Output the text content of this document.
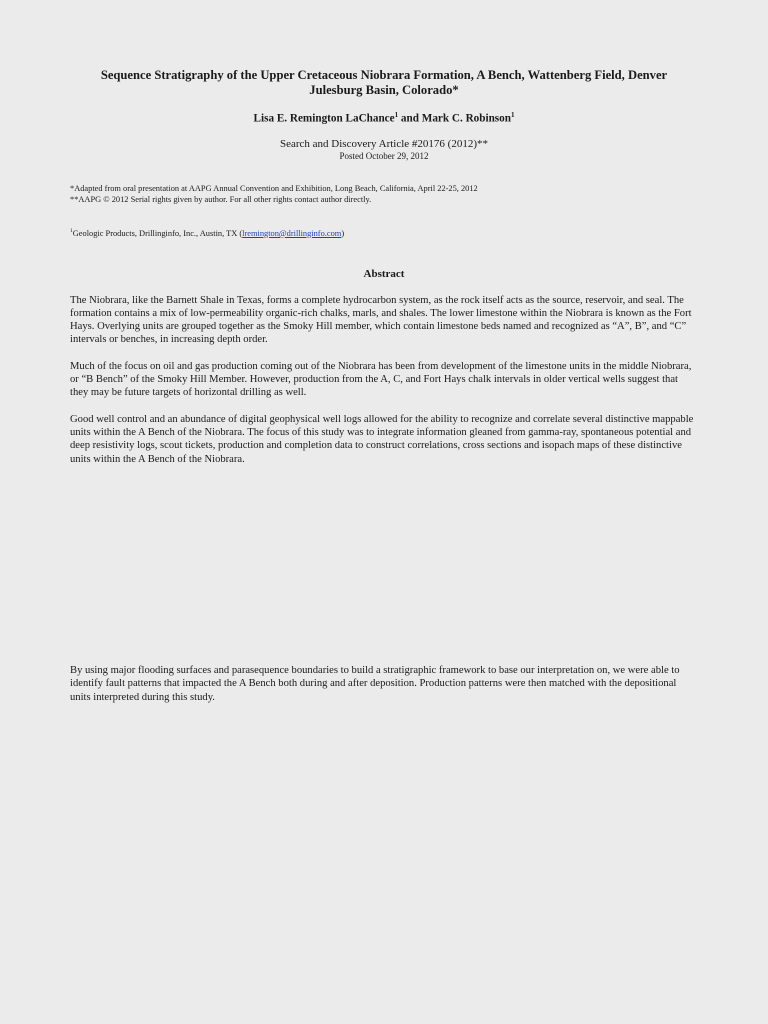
Sequence Stratigraphy of the Upper Cretaceous Niobrara Formation, A Bench, Wattenberg Field, Denver Julesburg Basin, Colorado*
Lisa E. Remington LaChance$^1$ and Mark C. Robinson$^1$
Search and Discovery Article #20176 (2012)**
Posted October 29, 2012
*Adapted from oral presentation at AAPG Annual Convention and Exhibition, Long Beach, California, April 22-25, 2012
**AAPG © 2012 Serial rights given by author. For all other rights contact author directly.
$^1$Geologic Products, Drillinginfo, Inc., Austin, TX (lremington@drillinginfo.com)
Abstract

The Niobrara, like the Barnett Shale in Texas, forms a complete hydrocarbon system, as the rock itself acts as the source, reservoir, and seal. The formation contains a mix of low-permeability organic-rich chalks, marls, and shales. The lower limestone within the Niobrara is known as the Fort Hays. Overlying units are grouped together as the Smoky Hill member, which contain limestone beds named and recognized as “A”, B”, and “C” intervals or benches, in increasing depth order.

Much of the focus on oil and gas production coming out of the Niobrara has been from development of the limestone units in the middle Niobrara, or “B Bench” of the Smoky Hill Member. However, production from the A, C, and Fort Hays chalk intervals in older vertical wells suggest that they may be future targets of horizontal drilling as well.

Good well control and an abundance of digital geophysical well logs allowed for the ability to recognize and correlate several distinctive mappable units within the A Bench of the Niobrara. The focus of this study was to integrate information gleaned from gamma-ray, spontaneous potential and deep resistivity logs, scout tickets, production and completion data to construct correlations, cross sections and isopach maps of these distinctive units within the A Bench of the Niobrara.

By using major flooding surfaces and parasequence boundaries to build a stratigraphic framework to base our interpretation on, we were able to identify fault patterns that impacted the A Bench both during and after deposition. Production patterns were then matched with the depositional units interpreted during this study.
